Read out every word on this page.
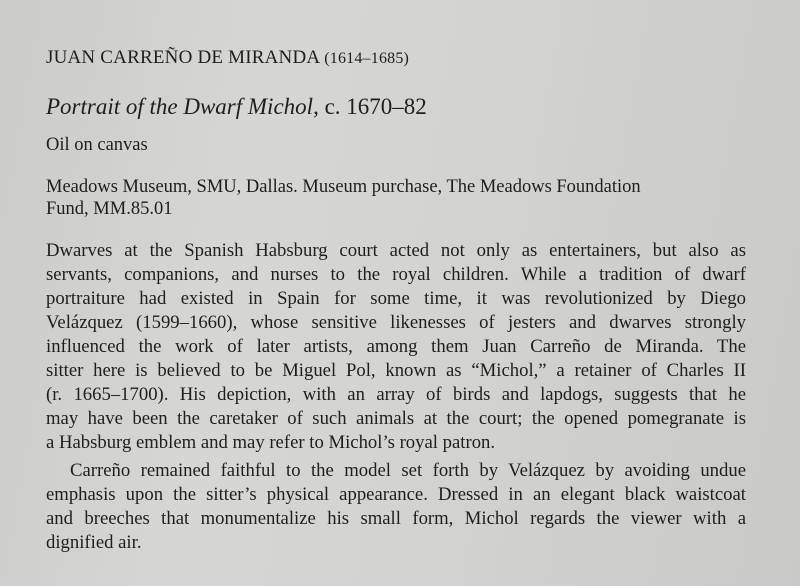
JUAN CARREÑO DE MIRANDA (1614–1685)
Portrait of the Dwarf Michol, c. 1670–82
Oil on canvas
Meadows Museum, SMU, Dallas. Museum purchase, The Meadows Foundation
Fund, MM.85.01
Dwarves at the Spanish Habsburg court acted not only as entertainers, but also as
servants, companions, and nurses to the royal children. While a tradition of dwarf
portraiture had existed in Spain for some time, it was revolutionized by Diego
Velázquez (1599–1660), whose sensitive likenesses of jesters and dwarves strongly
influenced the work of later artists, among them Juan Carreño de Miranda. The
sitter here is believed to be Miguel Pol, known as “Michol,” a retainer of Charles II
(r. 1665–1700). His depiction, with an array of birds and lapdogs, suggests that he
may have been the caretaker of such animals at the court; the opened pomegranate is
a Habsburg emblem and may refer to Michol’s royal patron.
Carreño remained faithful to the model set forth by Velázquez by avoiding undue
emphasis upon the sitter’s physical appearance. Dressed in an elegant black waistcoat
and breeches that monumentalize his small form, Michol regards the viewer with a
dignified air.
